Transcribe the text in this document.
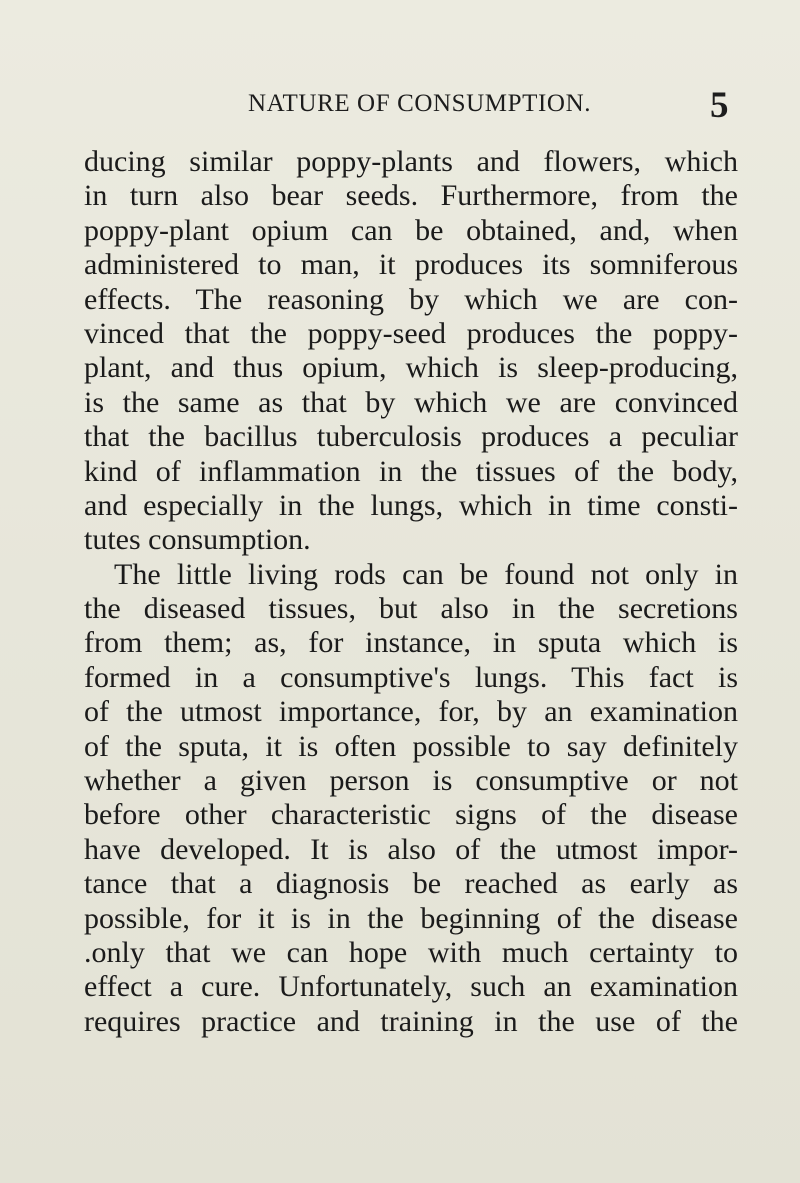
NATURE OF CONSUMPTION.	5
ducing similar poppy-plants and flowers, which
in turn also bear seeds. Furthermore, from the
poppy-plant opium can be obtained, and, when
administered to man, it produces its somniferous
effects. The reasoning by which we are con-
vinced that the poppy-seed produces the poppy-
plant, and thus opium, which is sleep-producing,
is the same as that by which we are convinced
that the bacillus tuberculosis produces a peculiar
kind of inflammation in the tissues of the body,
and especially in the lungs, which in time consti-
tutes consumption.
The little living rods can be found not only in
the diseased tissues, but also in the secretions
from them; as, for instance, in sputa which is
formed in a consumptive's lungs. This fact is
of the utmost importance, for, by an examination
of the sputa, it is often possible to say definitely
whether a given person is consumptive or not
before other characteristic signs of the disease
have developed. It is also of the utmost impor-
tance that a diagnosis be reached as early as
possible, for it is in the beginning of the disease
.only that we can hope with much certainty to
effect a cure. Unfortunately, such an examination
requires practice and training in the use of the
